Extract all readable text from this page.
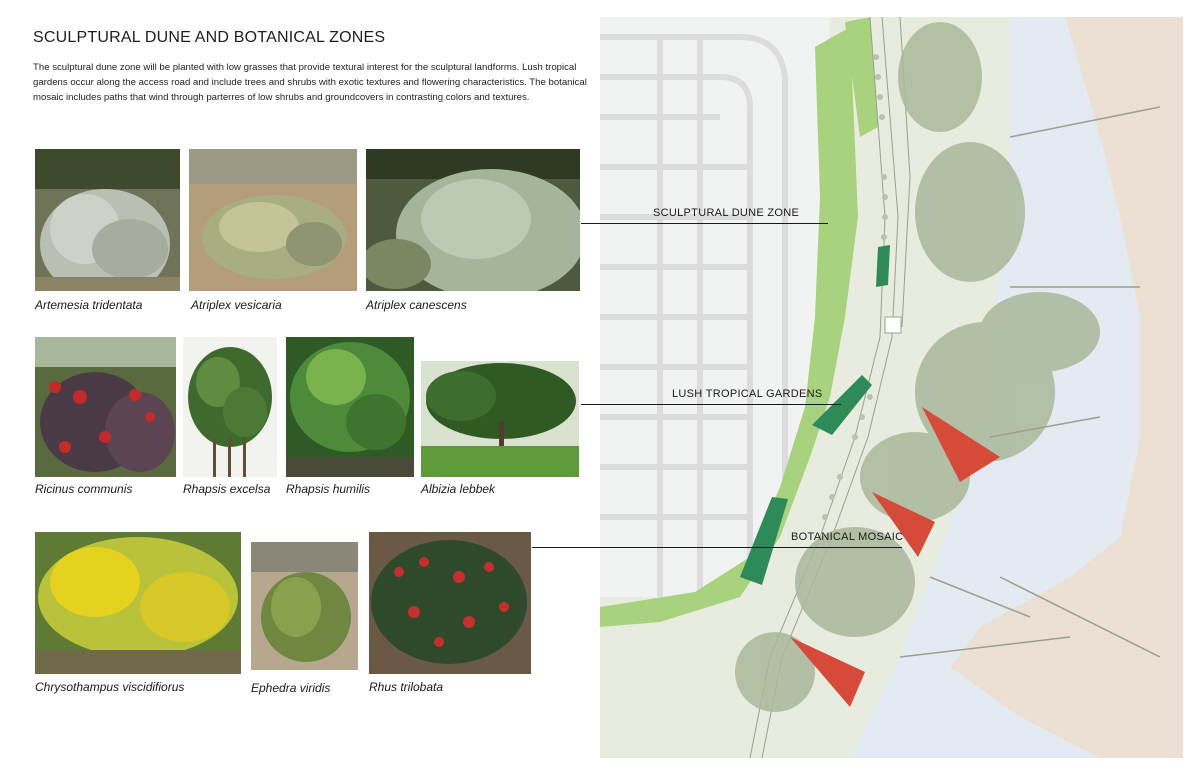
SCULPTURAL DUNE AND BOTANICAL ZONES
The sculptural dune zone will be planted with low grasses that provide textural interest for the sculptural landforms. Lush tropical gardens occur along the access road and include trees and shrubs with exotic textures and flowering characteristics. The botanical mosaic includes paths that wind through parterres of low shrubs and groundcovers in contrasting colors and textures.
Artemesia tridentata	Atriplex vesicaria	Atriplex canescens
Ricinus communis	Rhapsis excelsa Rhapsis humilis	Albizia lebbek
Chrysothampus viscidifiorus	Ephedra viridis	Rhus trilobata
SCULPTURAL DUNE ZONE
LUSH TROPICAL GARDENS
BOTANICAL MOSAIC
